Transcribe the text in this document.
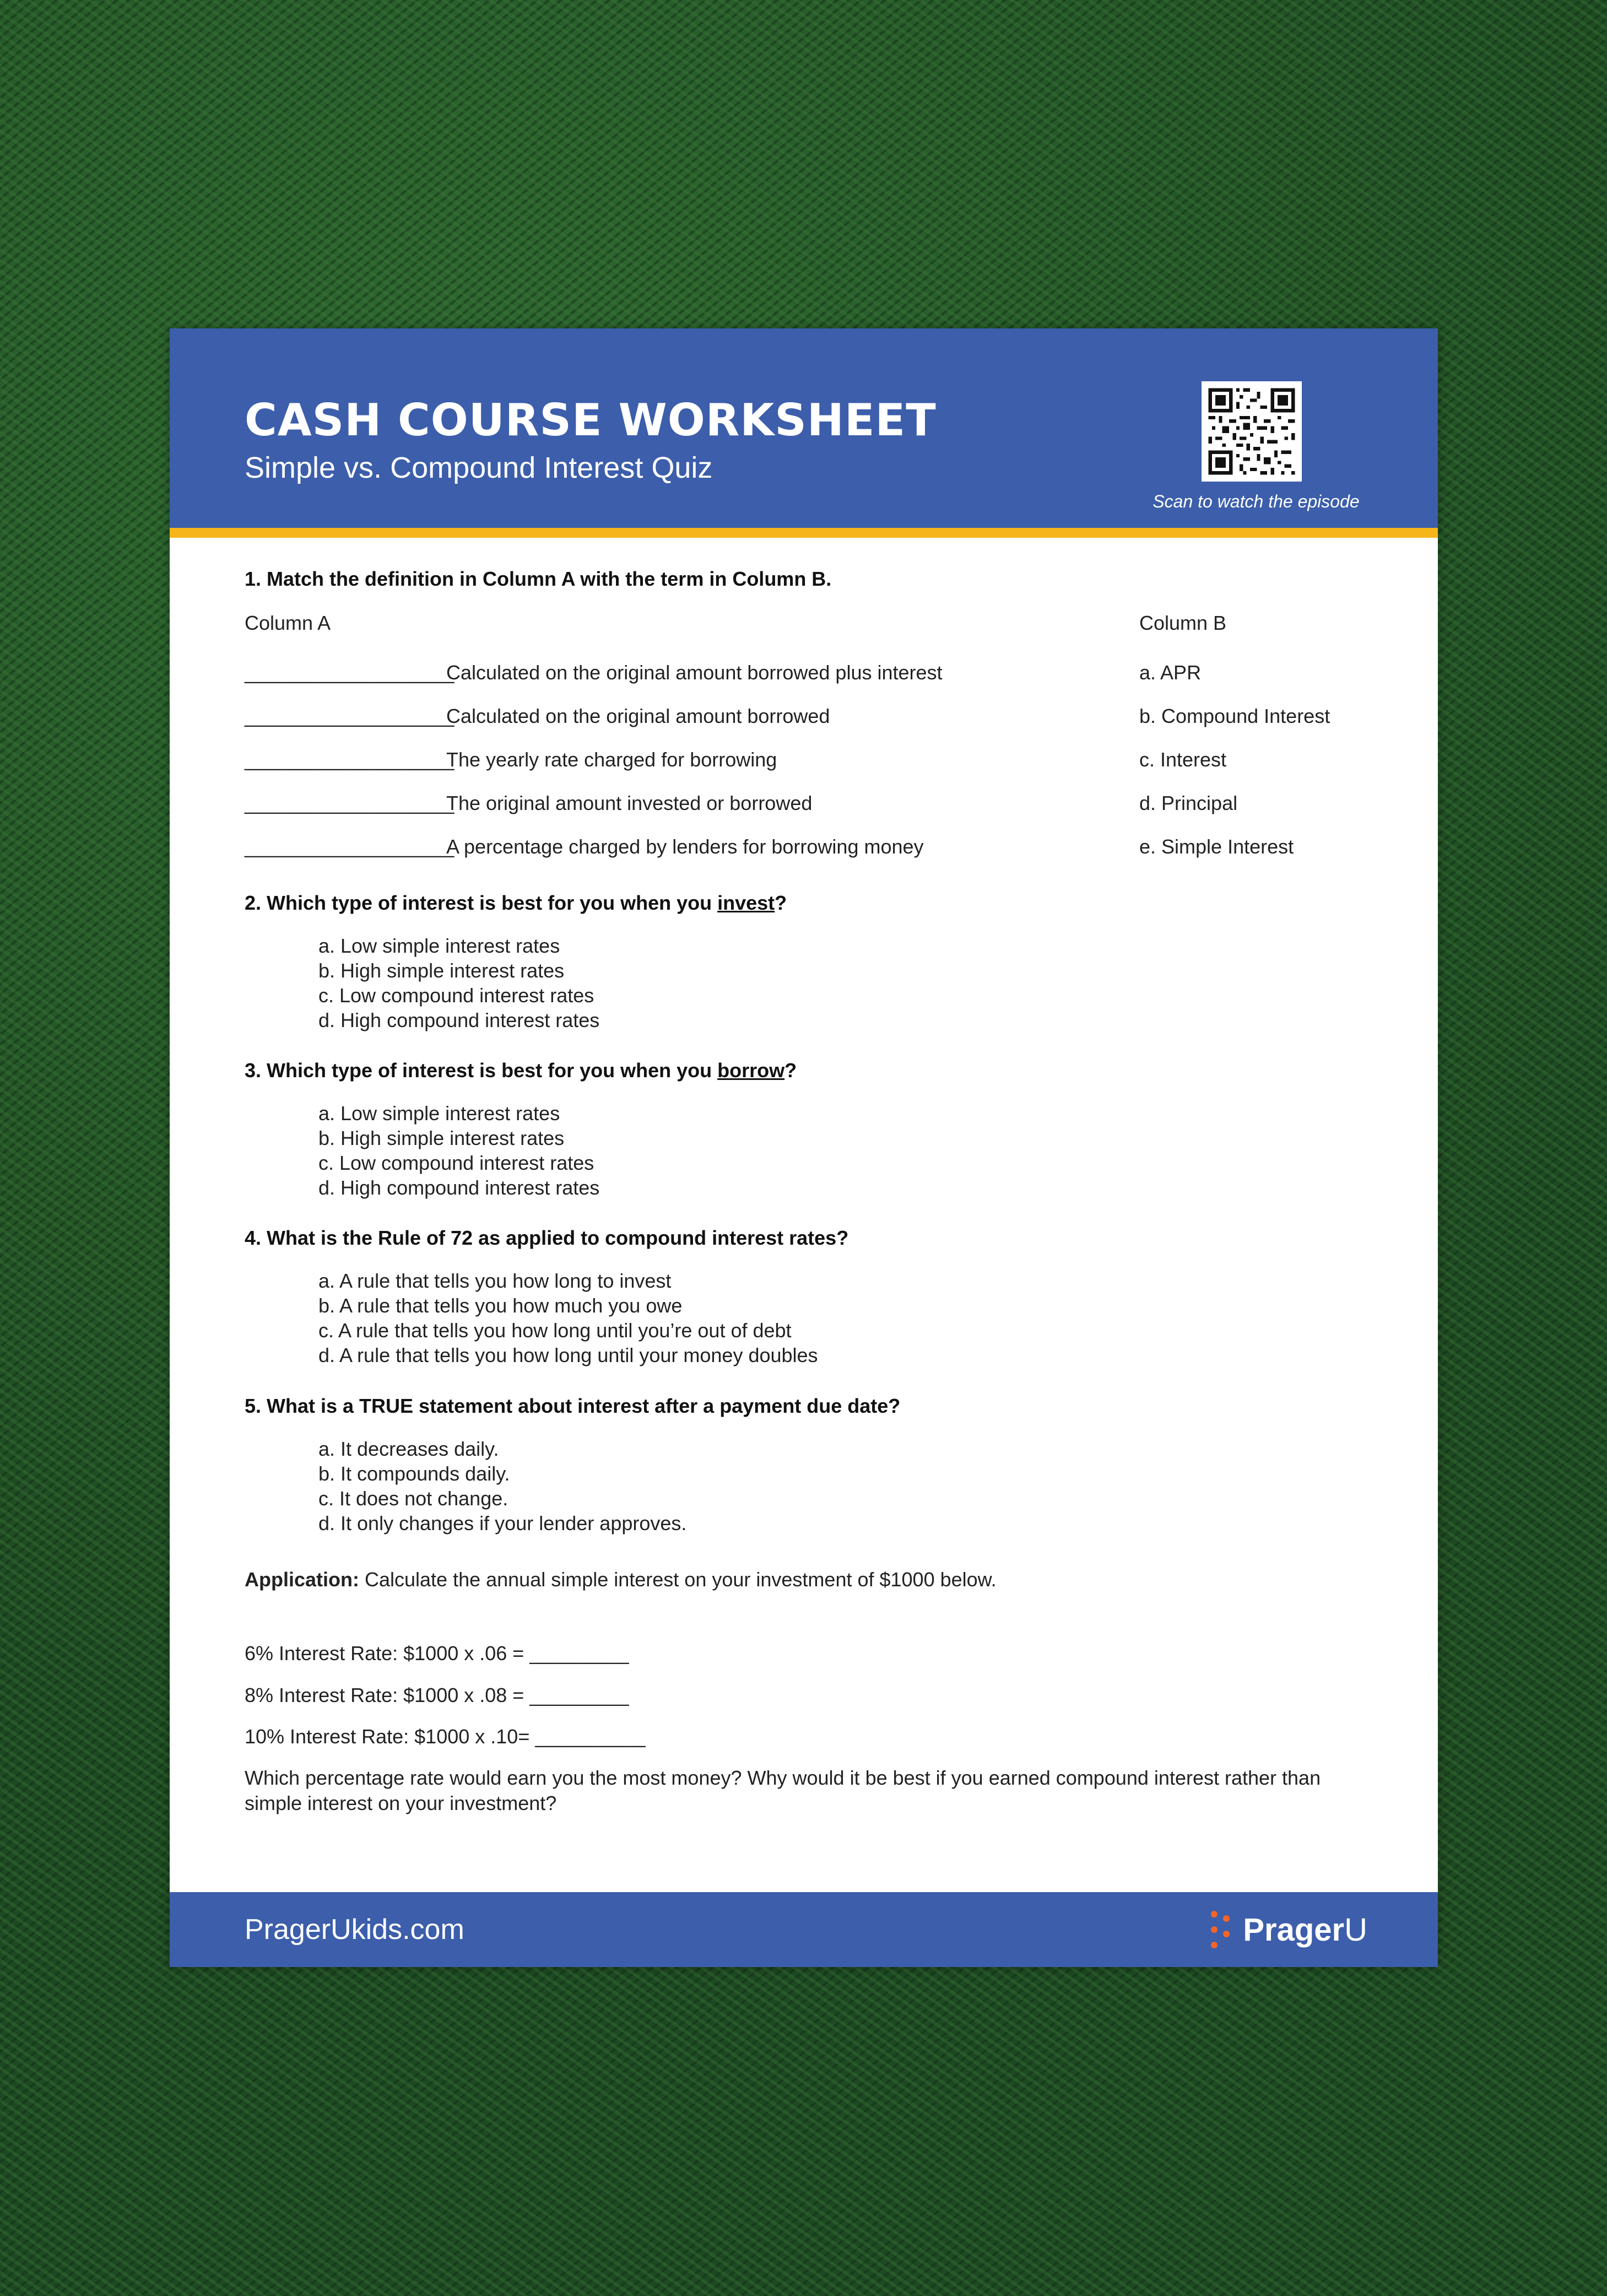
CASH COURSE WORKSHEET
Simple vs. Compound Interest Quiz
Scan to watch the episode
1. Match the definition in Column A with the term in Column B.
Column A	Column B
___________________
Calculated on the original amount borrowed plus interest	a. APR
___________________
Calculated on the original amount borrowed	b. Compound Interest
___________________
The yearly rate charged for borrowing	c. Interest
___________________
The original amount invested or borrowed	d. Principal
___________________
A percentage charged by lenders for borrowing money	e. Simple Interest
2. Which type of interest is best for you when you invest?
a. Low simple interest rates
b. High simple interest rates
c. Low compound interest rates
d. High compound interest rates
3. Which type of interest is best for you when you borrow?
a. Low simple interest rates
b. High simple interest rates
c. Low compound interest rates
d. High compound interest rates
4. What is the Rule of 72 as applied to compound interest rates?
a. A rule that tells you how long to invest
b. A rule that tells you how much you owe
c. A rule that tells you how long until you’re out of debt
d. A rule that tells you how long until your money doubles
5. What is a TRUE statement about interest after a payment due date?
a. It decreases daily.
b. It compounds daily.
c. It does not change.
d. It only changes if your lender approves.
Application: Calculate the annual simple interest on your investment of $1000 below.
6% Interest Rate: $1000 x .06 = _________
8% Interest Rate: $1000 x .08 = _________
10% Interest Rate: $1000 x .10= __________
Which percentage rate would earn you the most money? Why would it be best if you earned compound interest rather than simple interest on your investment?
PragerUkids.com	PragerU
